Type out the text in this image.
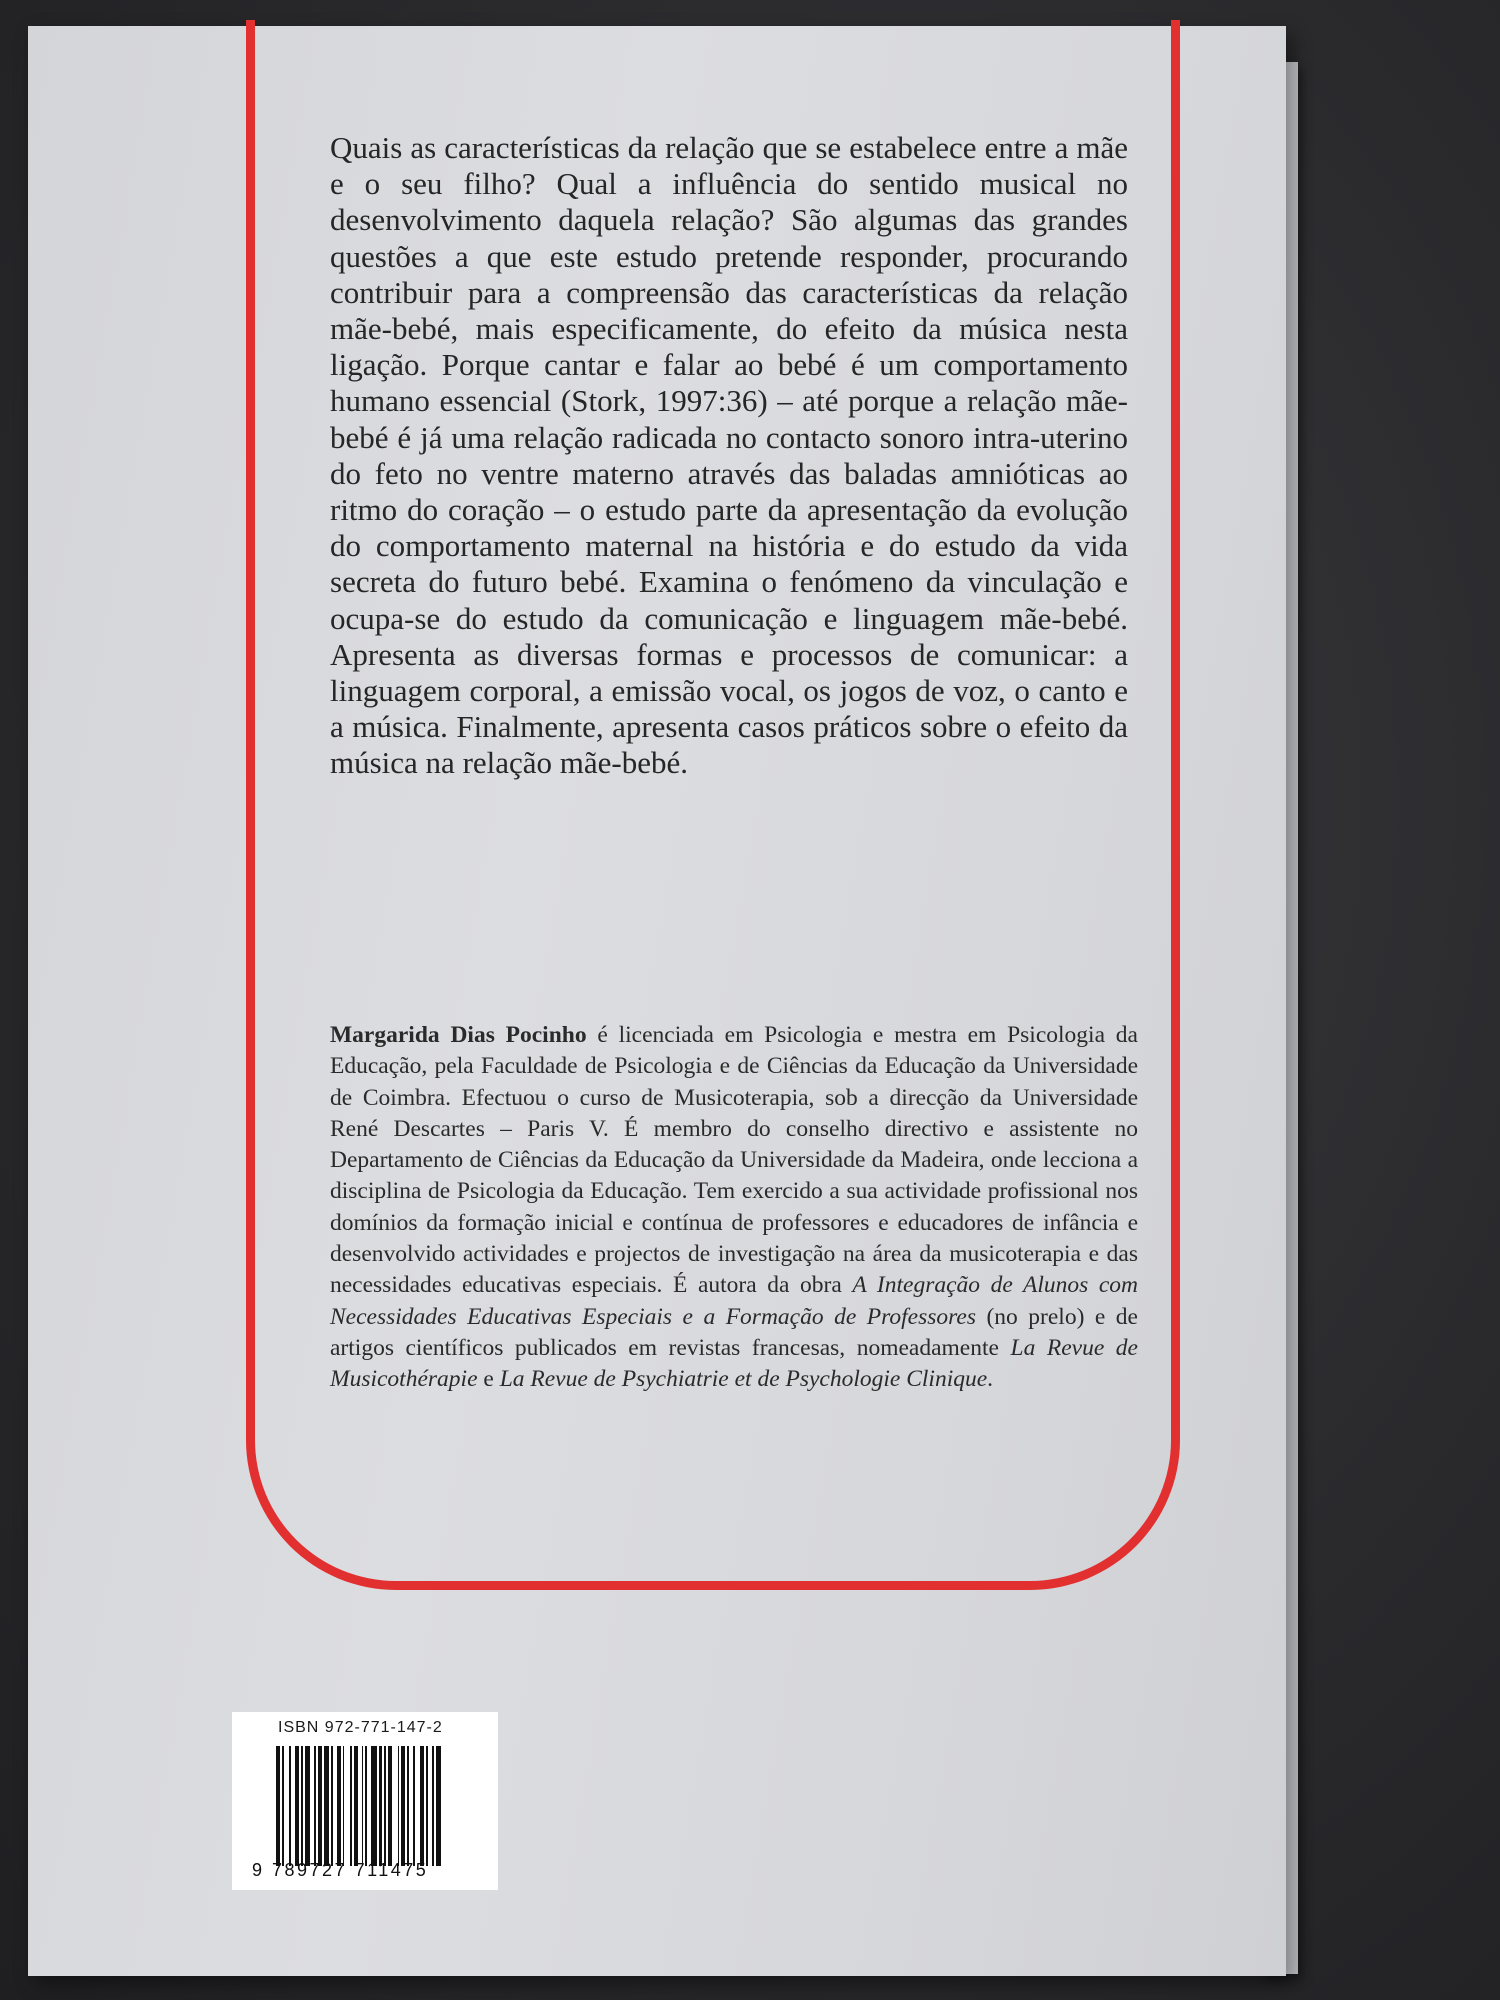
Quais as características da relação que se estabelece entre a mãe e o seu filho? Qual a influência do sentido musical no desenvolvimento daquela relação? São algumas das grandes questões a que este estudo pretende responder, procurando contribuir para a compreensão das características da relação mãe-bebé, mais especificamente, do efeito da música nesta ligação. Porque cantar e falar ao bebé é um comportamento humano essencial (Stork, 1997:36) – até porque a relação mãe-bebé é já uma relação radicada no contacto sonoro intra-uterino do feto no ventre materno através das baladas amnióticas ao ritmo do coração – o estudo parte da apresentação da evolução do comportamento maternal na história e do estudo da vida secreta do futuro bebé. Examina o fenómeno da vinculação e ocupa-se do estudo da comunicação e linguagem mãe-bebé. Apresenta as diversas formas e processos de comunicar: a linguagem corporal, a emissão vocal, os jogos de voz, o canto e a música. Finalmente, apresenta casos práticos sobre o efeito da música na relação mãe-bebé.

Margarida Dias Pocinho é licenciada em Psicologia e mestra em Psicologia da Educação, pela Faculdade de Psicologia e de Ciências da Educação da Universidade de Coimbra. Efectuou o curso de Musicoterapia, sob a direcção da Universidade René Descartes – Paris V. É membro do conselho directivo e assistente no Departamento de Ciências da Educação da Universidade da Madeira, onde lecciona a disciplina de Psicologia da Educação. Tem exercido a sua actividade profissional nos domínios da formação inicial e contínua de professores e educadores de infância e desenvolvido actividades e projectos de investigação na área da musicoterapia e das necessidades educativas especiais. É autora da obra A Integração de Alunos com Necessidades Educativas Especiais e a Formação de Professores (no prelo) e de artigos científicos publicados em revistas francesas, nomeadamente La Revue de Musicothérapie e La Revue de Psychiatrie et de Psychologie Clinique.

ISBN 972-771-147-2
9 789727 711475
